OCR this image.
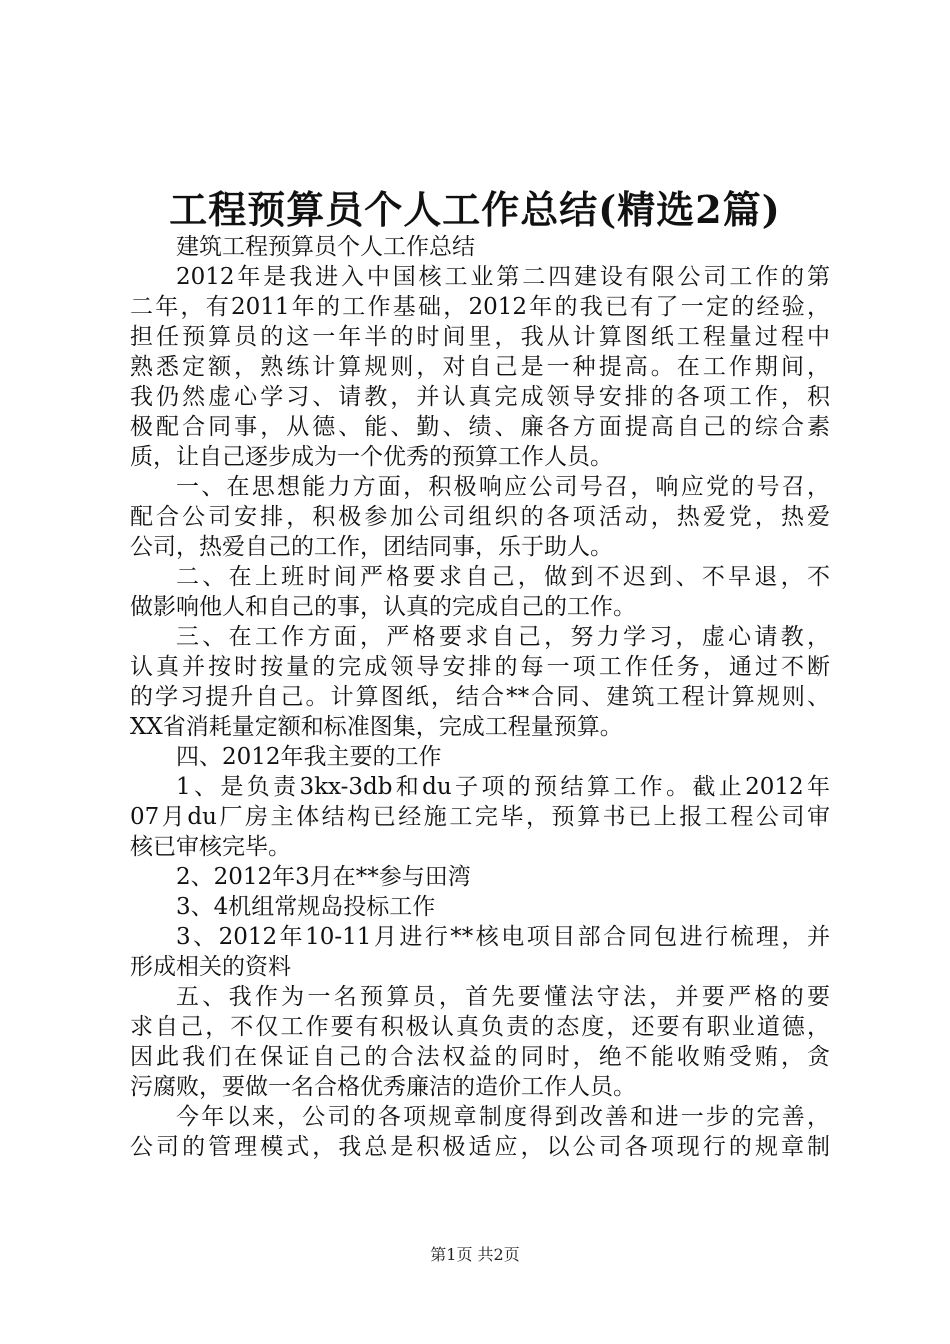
工程预算员个人工作总结(精选2篇)
建筑工程预算员个人工作总结
2012年是我进入中国核工业第二四建设有限公司工作的第
二年，有2011年的工作基础，2012年的我已有了一定的经验，
担任预算员的这一年半的时间里，我从计算图纸工程量过程中
熟悉定额，熟练计算规则，对自己是一种提高。在工作期间，
我仍然虚心学习、请教，并认真完成领导安排的各项工作，积
极配合同事，从德、能、勤、绩、廉各方面提高自己的综合素
质，让自己逐步成为一个优秀的预算工作人员。
一、在思想能力方面，积极响应公司号召，响应党的号召，
配合公司安排，积极参加公司组织的各项活动，热爱党，热爱
公司，热爱自己的工作，团结同事，乐于助人。
二、在上班时间严格要求自己，做到不迟到、不早退，不
做影响他人和自己的事，认真的完成自己的工作。
三、在工作方面，严格要求自己，努力学习，虚心请教，
认真并按时按量的完成领导安排的每一项工作任务，通过不断
的学习提升自己。计算图纸，结合**合同、建筑工程计算规则、
XX省消耗量定额和标准图集，完成工程量预算。
四、2012年我主要的工作
1、是负责3kx-3db和du子项的预结算工作。截止2012年
07月du厂房主体结构已经施工完毕，预算书已上报工程公司审
核已审核完毕。
2、2012年3月在**参与田湾
3、4机组常规岛投标工作
3、2012年10-11月进行**核电项目部合同包进行梳理，并
形成相关的资料
五、我作为一名预算员，首先要懂法守法，并要严格的要
求自己，不仅工作要有积极认真负责的态度，还要有职业道德，
因此我们在保证自己的合法权益的同时，绝不能收贿受贿，贪
污腐败，要做一名合格优秀廉洁的造价工作人员。
今年以来，公司的各项规章制度得到改善和进一步的完善，
公司的管理模式，我总是积极适应，以公司各项现行的规章制
第1页 共2页
